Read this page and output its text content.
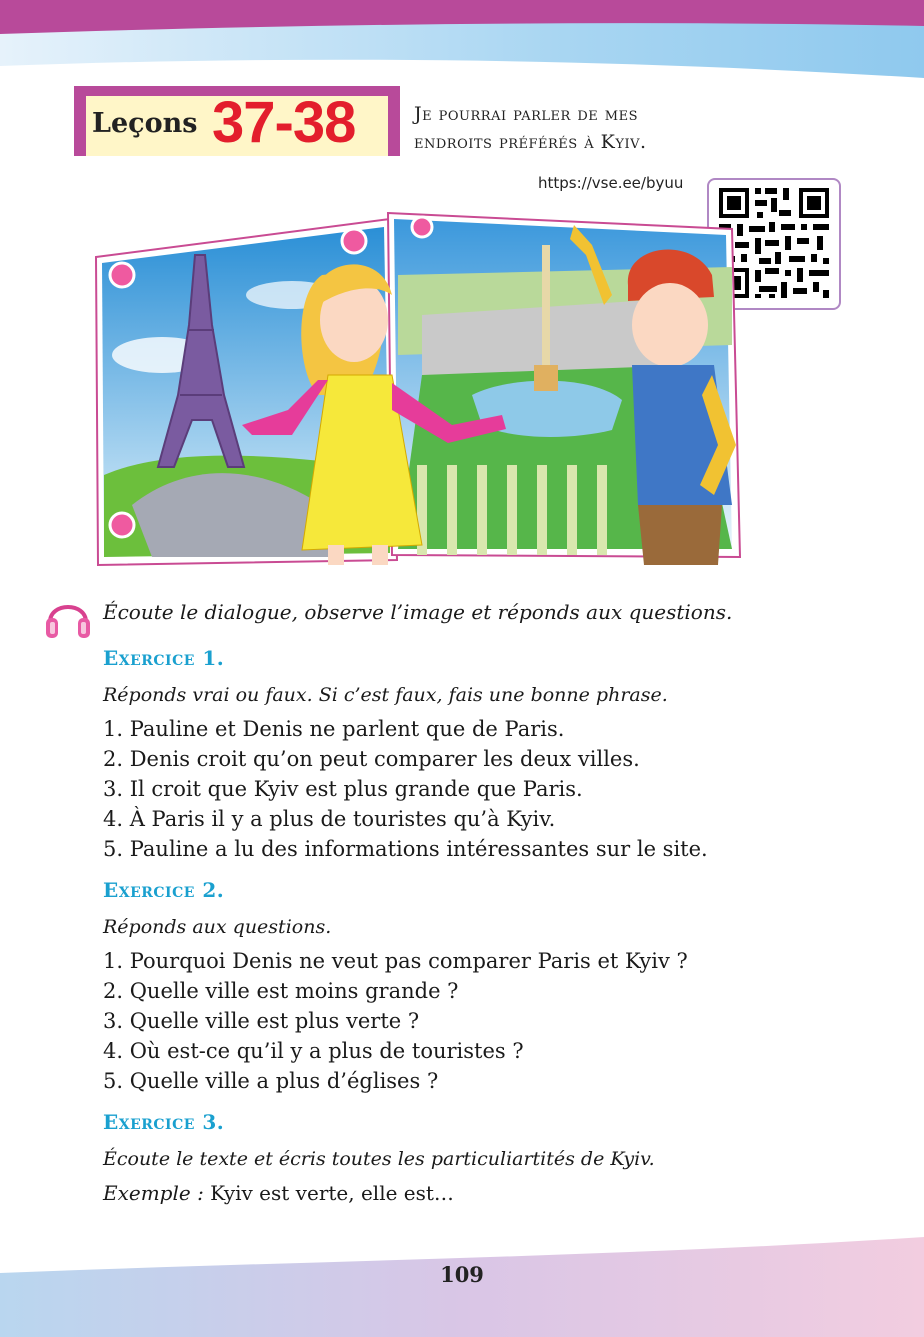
Leçons 37-38	Je pourrai parler de mes
endroits préférés à Kyiv.
https://vse.ee/byuu
Écoute le dialogue, observe l’image et réponds aux questions.
Exercice 1.
Réponds vrai ou faux. Si c’est faux, fais une bonne phrase.
1. Pauline et Denis ne parlent que de Paris.
2. Denis croit qu’on peut comparer les deux villes.
3. Il croit que Kyiv est plus grande que Paris.
4. À Paris il y a plus de touristes qu’à Kyiv.
5. Pauline a lu des informations intéressantes sur le site.
Exercice 2.
Réponds aux questions.
1. Pourquoi Denis ne veut pas comparer Paris et Kyiv ?
2. Quelle ville est moins grande ?
3. Quelle ville est plus verte ?
4. Où est-ce qu’il y a plus de touristes ?
5. Quelle ville a plus d’églises ?
Exercice 3.
Écoute le texte et écris toutes les particuliartités de Kyiv.
Exemple : Kyiv est verte, elle est…
109
